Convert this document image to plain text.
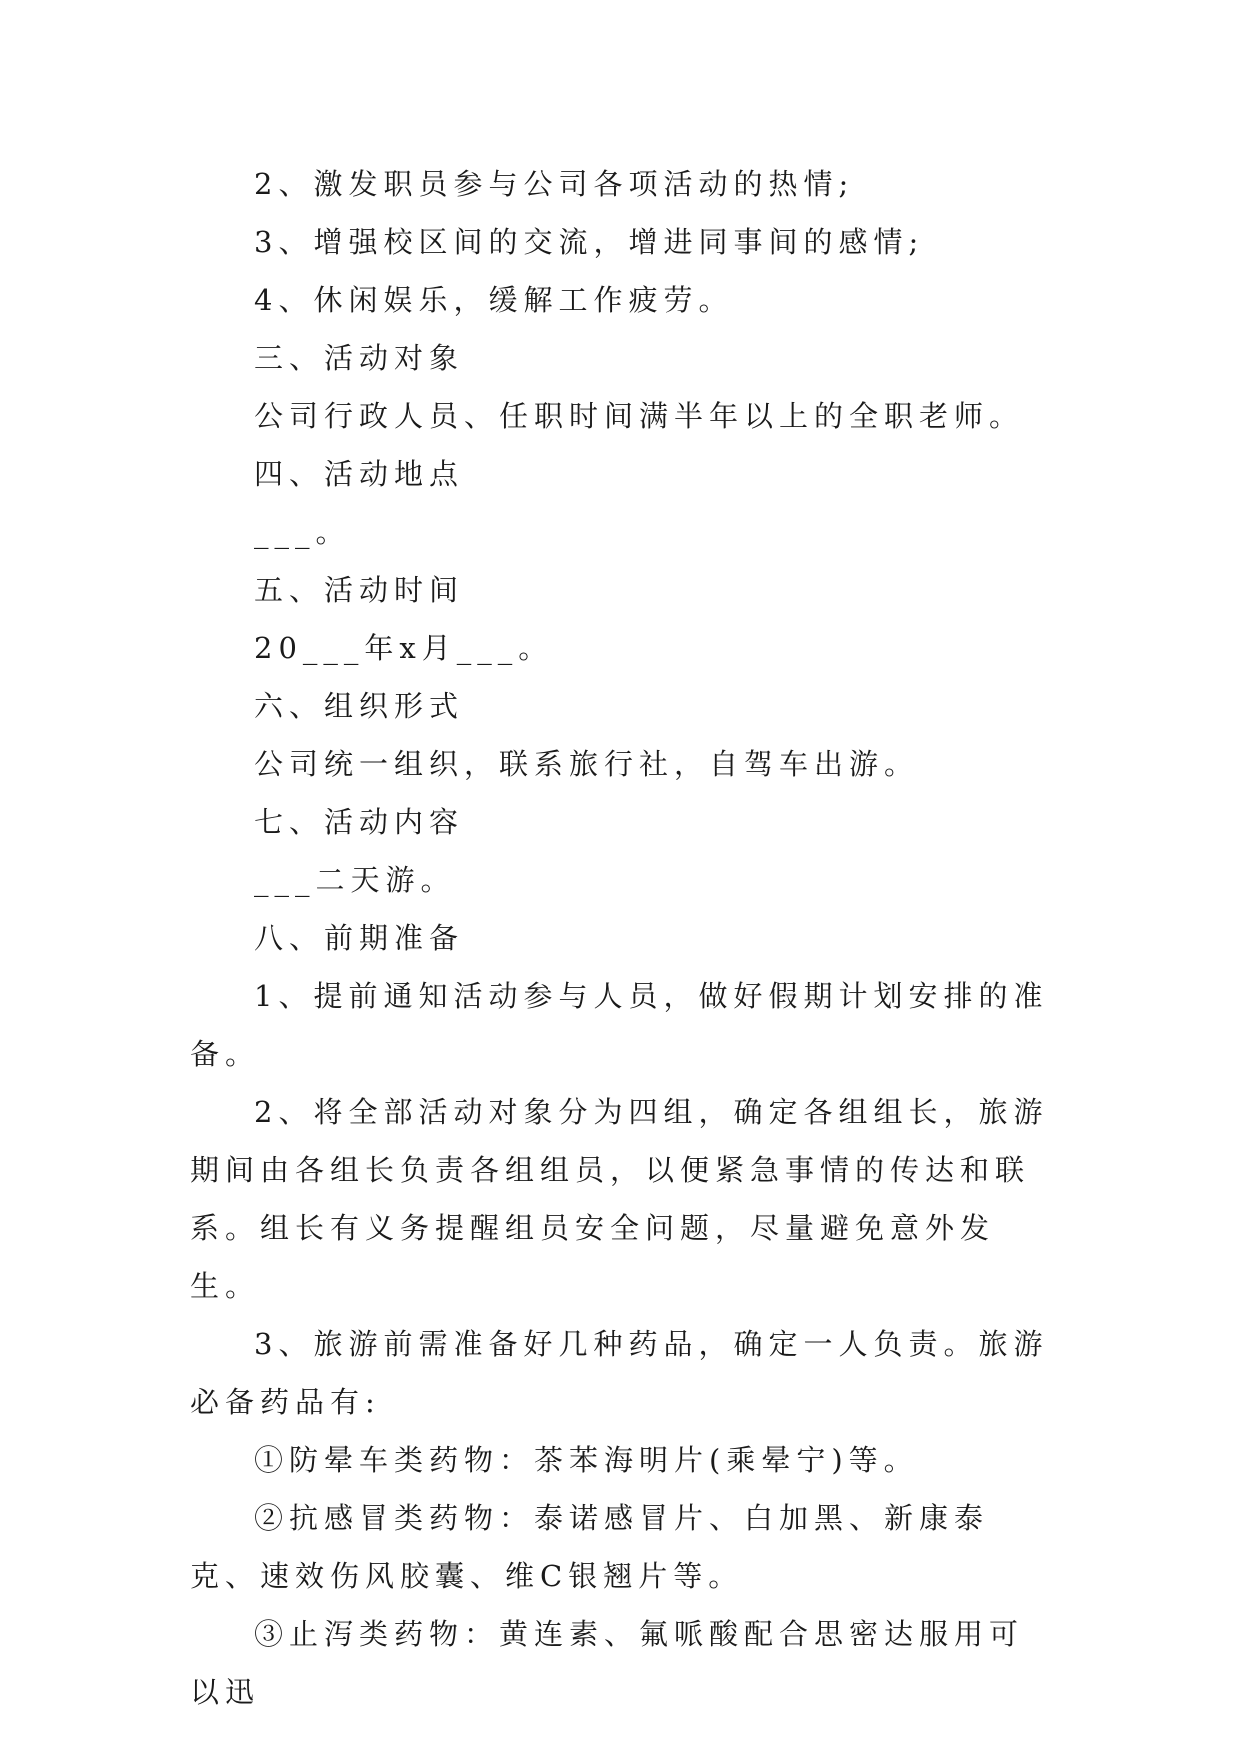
2、激发职员参与公司各项活动的热情;

3、增强校区间的交流，增进同事间的感情;

4、休闲娱乐，缓解工作疲劳。

三、活动对象

公司行政人员、任职时间满半年以上的全职老师。

四、活动地点

___。

五、活动时间

20___年x月___。

六、组织形式

公司统一组织，联系旅行社，自驾车出游。

七、活动内容

___二天游。

八、前期准备

1、提前通知活动参与人员，做好假期计划安排的准备。

2、将全部活动对象分为四组，确定各组组长，旅游期间由各组长负责各组组员，以便紧急事情的传达和联系。组长有义务提醒组员安全问题，尽量避免意外发生。

3、旅游前需准备好几种药品，确定一人负责。旅游必备药品有:

①防晕车类药物：茶苯海明片(乘晕宁)等。

②抗感冒类药物：泰诺感冒片、白加黑、新康泰克、速效伤风胶囊、维C银翘片等。

③止泻类药物：黄连素、氟哌酸配合思密达服用可以迅
